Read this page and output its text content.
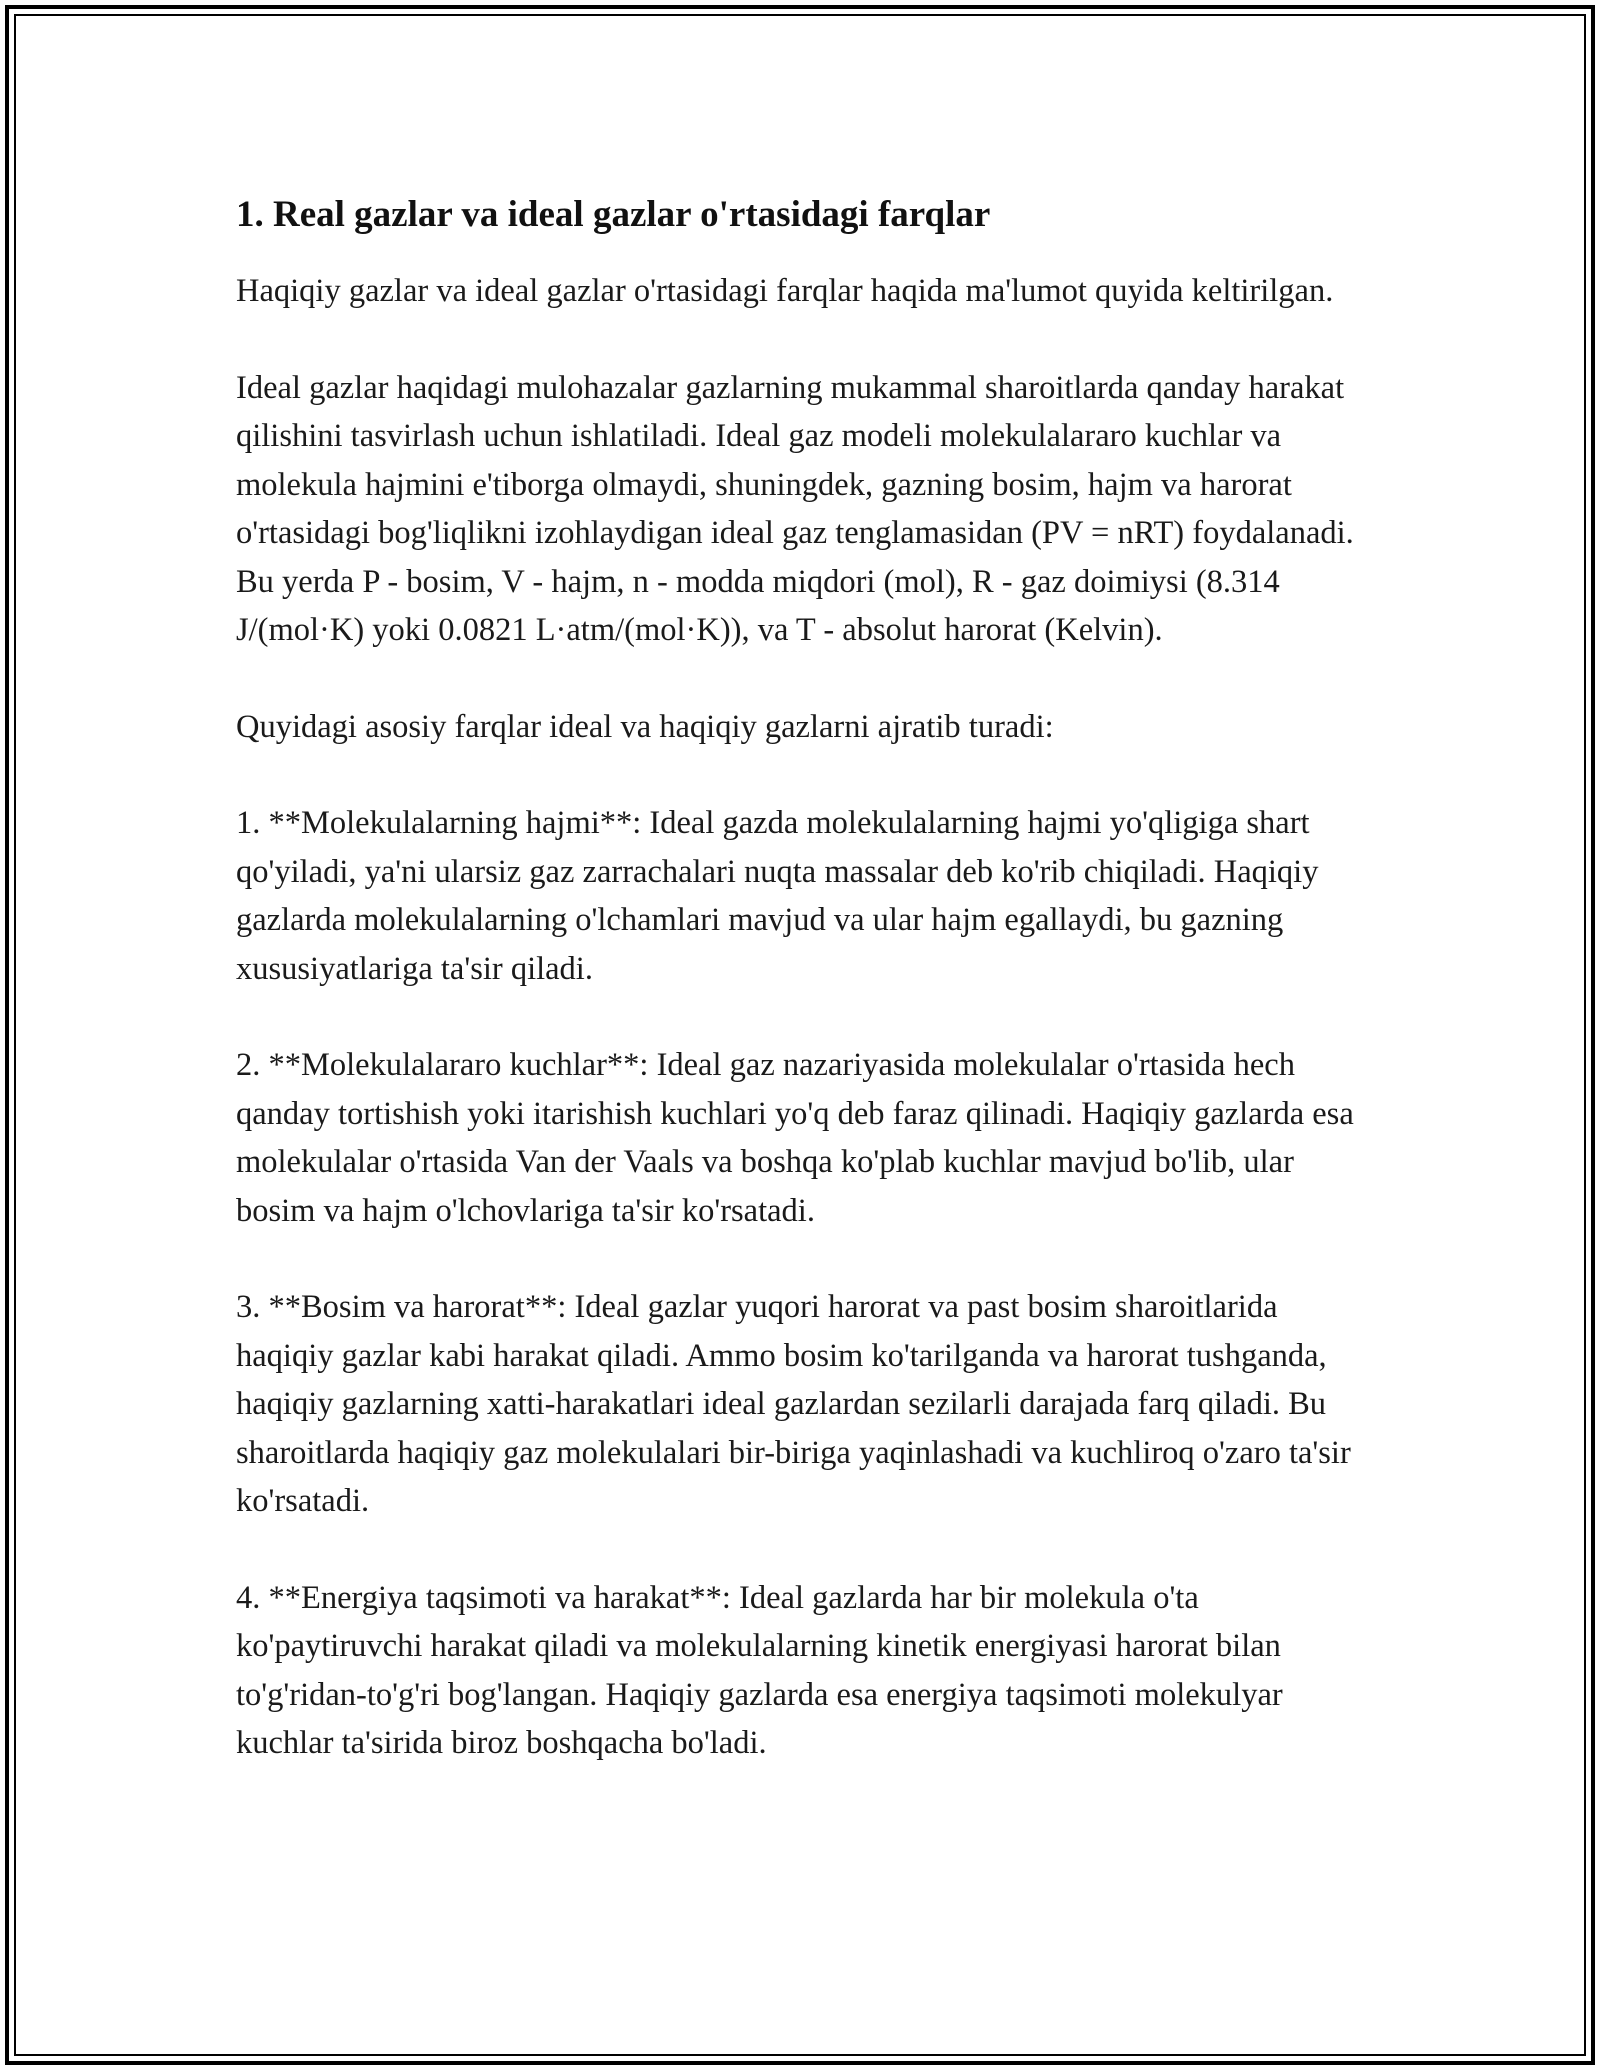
1. Real gazlar va ideal gazlar o'rtasidagi farqlar

Haqiqiy gazlar va ideal gazlar o'rtasidagi farqlar haqida ma'lumot quyida keltirilgan.

Ideal gazlar haqidagi mulohazalar gazlarning mukammal sharoitlarda qanday harakat qilishini tasvirlash uchun ishlatiladi. Ideal gaz modeli molekulalararo kuchlar va molekula hajmini e'tiborga olmaydi, shuningdek, gazning bosim, hajm va harorat o'rtasidagi bog'liqlikni izohlaydigan ideal gaz tenglamasidan (PV = nRT) foydalanadi. Bu yerda P - bosim, V - hajm, n - modda miqdori (mol), R - gaz doimiysi (8.314 J/(mol·K) yoki 0.0821 L·atm/(mol·K)), va T - absolut harorat (Kelvin).

Quyidagi asosiy farqlar ideal va haqiqiy gazlarni ajratib turadi:

1. **Molekulalarning hajmi**: Ideal gazda molekulalarning hajmi yo'qligiga shart qo'yiladi, ya'ni ularsiz gaz zarrachalari nuqta massalar deb ko'rib chiqiladi. Haqiqiy gazlarda molekulalarning o'lchamlari mavjud va ular hajm egallaydi, bu gazning xususiyatlariga ta'sir qiladi.

2. **Molekulalararo kuchlar**: Ideal gaz nazariyasida molekulalar o'rtasida hech qanday tortishish yoki itarishish kuchlari yo'q deb faraz qilinadi. Haqiqiy gazlarda esa molekulalar o'rtasida Van der Vaals va boshqa ko'plab kuchlar mavjud bo'lib, ular bosim va hajm o'lchovlariga ta'sir ko'rsatadi.

3. **Bosim va harorat**: Ideal gazlar yuqori harorat va past bosim sharoitlarida haqiqiy gazlar kabi harakat qiladi. Ammo bosim ko'tarilganda va harorat tushganda, haqiqiy gazlarning xatti-harakatlari ideal gazlardan sezilarli darajada farq qiladi. Bu sharoitlarda haqiqiy gaz molekulalari bir-biriga yaqinlashadi va kuchliroq o'zaro ta'sir ko'rsatadi.

4. **Energiya taqsimoti va harakat**: Ideal gazlarda har bir molekula o'ta ko'paytiruvchi harakat qiladi va molekulalarning kinetik energiyasi harorat bilan to'g'ridan-to'g'ri bog'langan. Haqiqiy gazlarda esa energiya taqsimoti molekulyar kuchlar ta'sirida biroz boshqacha bo'ladi.
